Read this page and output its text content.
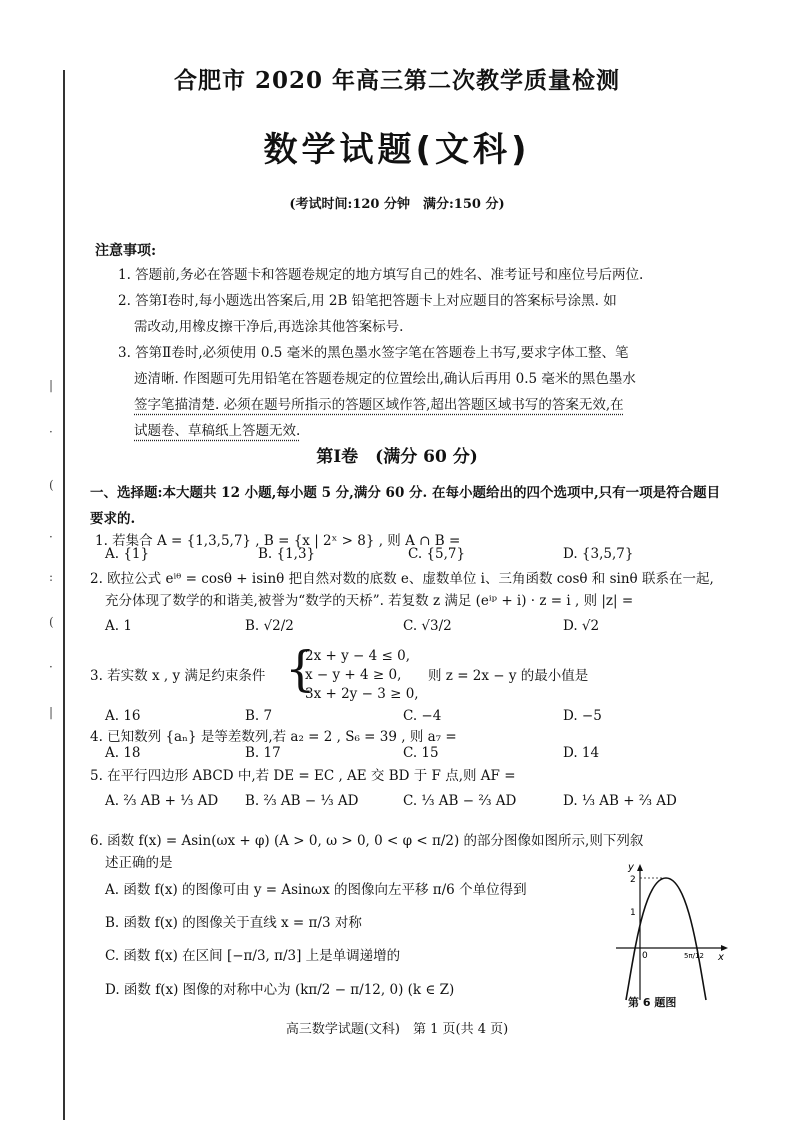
|
·
(
·
:
(
·
|
合肥市 2020 年高三第二次教学质量检测
数学试题(文科)
(考试时间:120 分钟　满分:150 分)
注意事项:
1. 答题前,务必在答题卡和答题卷规定的地方填写自己的姓名、准考证号和座位号后两位.
2. 答第Ⅰ卷时,每小题选出答案后,用 2B 铅笔把答题卡上对应题目的答案标号涂黑. 如
需改动,用橡皮擦干净后,再选涂其他答案标号.
3. 答第Ⅱ卷时,必须使用 0.5 毫米的黑色墨水签字笔在答题卷上书写,要求字体工整、笔
迹清晰. 作图题可先用铅笔在答题卷规定的位置绘出,确认后再用 0.5 毫米的黑色墨水
签字笔描清楚. 必须在题号所指示的答题区域作答,超出答题区域书写的答案无效,在
试题卷、草稿纸上答题无效.
第Ⅰ卷　(满分 60 分)
一、选择题:本大题共 12 小题,每小题 5 分,满分 60 分. 在每小题给出的四个选项中,只有一项是符合题目要求的.
1. 若集合 A = {1,3,5,7} , B = {x | 2ˣ > 8} , 则 A ∩ B =
A. {1}	B. {1,3}	C. {5,7}	D. {3,5,7}
2. 欧拉公式 eⁱᶿ = cosθ + isinθ 把自然对数的底数 e、虚数单位 i、三角函数 cosθ 和 sinθ 联系在一起,
充分体现了数学的和谐美,被誉为“数学的天桥”. 若复数 z 满足 (eⁱᵖ + i) · z = i , 则 |z| =
A. 1	B. √2/2	C. √3/2	D. √2
3. 若实数 x , y 满足约束条件 {
2x + y − 4 ≤ 0,
x − y + 4 ≥ 0,
3x + 2y − 3 ≥ 0,
则 z = 2x − y 的最小值是
A. 16	B. 7	C. −4	D. −5
4. 已知数列 {aₙ} 是等差数列,若 a₂ = 2 , S₆ = 39 , 则 a₇ =
A. 18	B. 17	C. 15	D. 14
5. 在平行四边形 ABCD 中,若 DE = EC , AE 交 BD 于 F 点,则 AF =
A. ⅔ AB + ⅓ AD B. ⅔ AB − ⅓ AD	C. ⅓ AB − ⅔ AD	D. ⅓ AB + ⅔ AD
6. 函数 f(x) = Asin(ωx + φ) (A > 0, ω > 0, 0 < φ < π/2) 的部分图像如图所示,则下列叙
述正确的是
A. 函数 f(x) 的图像可由 y = Asinωx 的图像向左平移 π/6 个单位得到
B. 函数 f(x) 的图像关于直线 x = π/3 对称
C. 函数 f(x) 在区间 [−π/3, π/3] 上是单调递增的
D. 函数 f(x) 图像的对称中心为 (kπ/2 − π/12, 0) (k ∈ Z)
y
x
2
1
0	5π/12
第 6 题图
高三数学试题(文科)　第 1 页(共 4 页)
